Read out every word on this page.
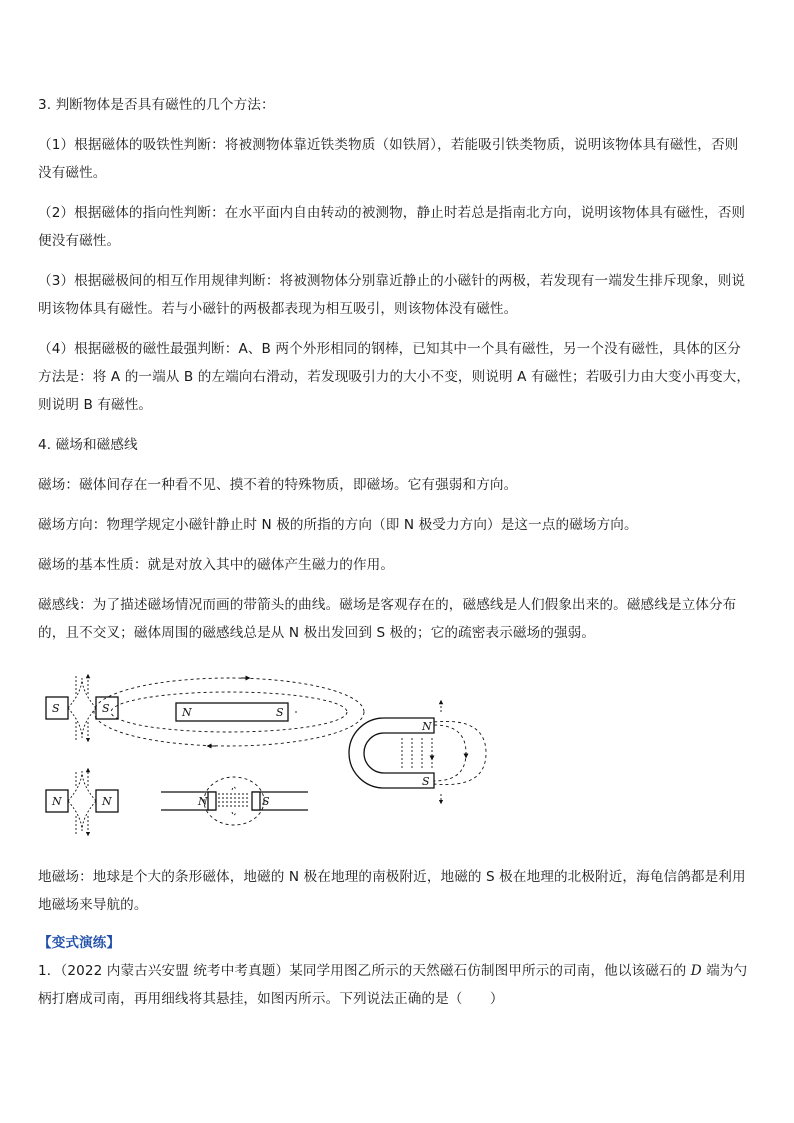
3. 判断物体是否具有磁性的几个方法：
（1）根据磁体的吸铁性判断：将被测物体靠近铁类物质（如铁屑），若能吸引铁类物质，说明该物体具有磁性，否则
没有磁性。
（2）根据磁体的指向性判断：在水平面内自由转动的被测物，静止时若总是指南北方向，说明该物体具有磁性，否则
便没有磁性。
（3）根据磁极间的相互作用规律判断：将被测物体分别靠近静止的小磁针的两极，若发现有一端发生排斥现象，则说
明该物体具有磁性。若与小磁针的两极都表现为相互吸引，则该物体没有磁性。
（4）根据磁极的磁性最强判断：A、B 两个外形相同的钢棒，已知其中一个具有磁性，另一个没有磁性，具体的区分
方法是：将 A 的一端从 B 的左端向右滑动，若发现吸引力的大小不变，则说明 A 有磁性；若吸引力由大变小再变大，
则说明 B 有磁性。
4. 磁场和磁感线
磁场：磁体间存在一种看不见、摸不着的特殊物质，即磁场。它有强弱和方向。
磁场方向：物理学规定小磁针静止时 N 极的所指的方向（即 N 极受力方向）是这一点的磁场方向。
磁场的基本性质：就是对放入其中的磁体产生磁力的作用。
磁感线：为了描述磁场情况而画的带箭头的曲线。磁场是客观存在的，磁感线是人们假象出来的。磁感线是立体分布
的，且不交叉；磁体周围的磁感线总是从 N 极出发回到 S 极的；它的疏密表示磁场的强弱。
S	S
N	N
N	S
N
S
N	S
地磁场：地球是个大的条形磁体，地磁的 N 极在地理的南极附近，地磁的 S 极在地理的北极附近，海龟信鸽都是利用
地磁场来导航的。
【变式演练】
1．（2022 内蒙古兴安盟 统考中考真题）某同学用图乙所示的天然磁石仿制图甲所示的司南，他以该磁石的 D 端为勺
柄打磨成司南，再用细线将其悬挂，如图丙所示。下列说法正确的是（　　）
